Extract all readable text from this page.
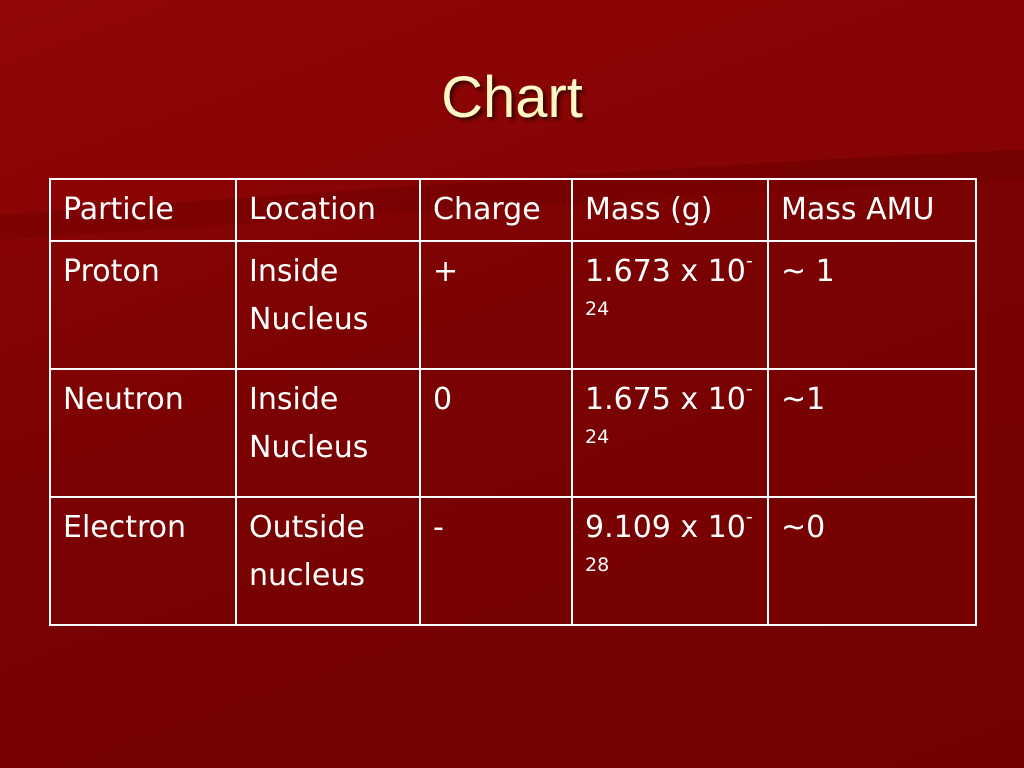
Chart
Particle	Location	Charge	Mass (g)	Mass AMU
Proton	Inside Nucleus	+	1.673 x $10^{-24}$	~ 1
Neutron	Inside Nucleus	0	1.675 x $10^{-24}$	~1
Electron	Outside nucleus	-	9.109 x $10^{-28}$	~0
